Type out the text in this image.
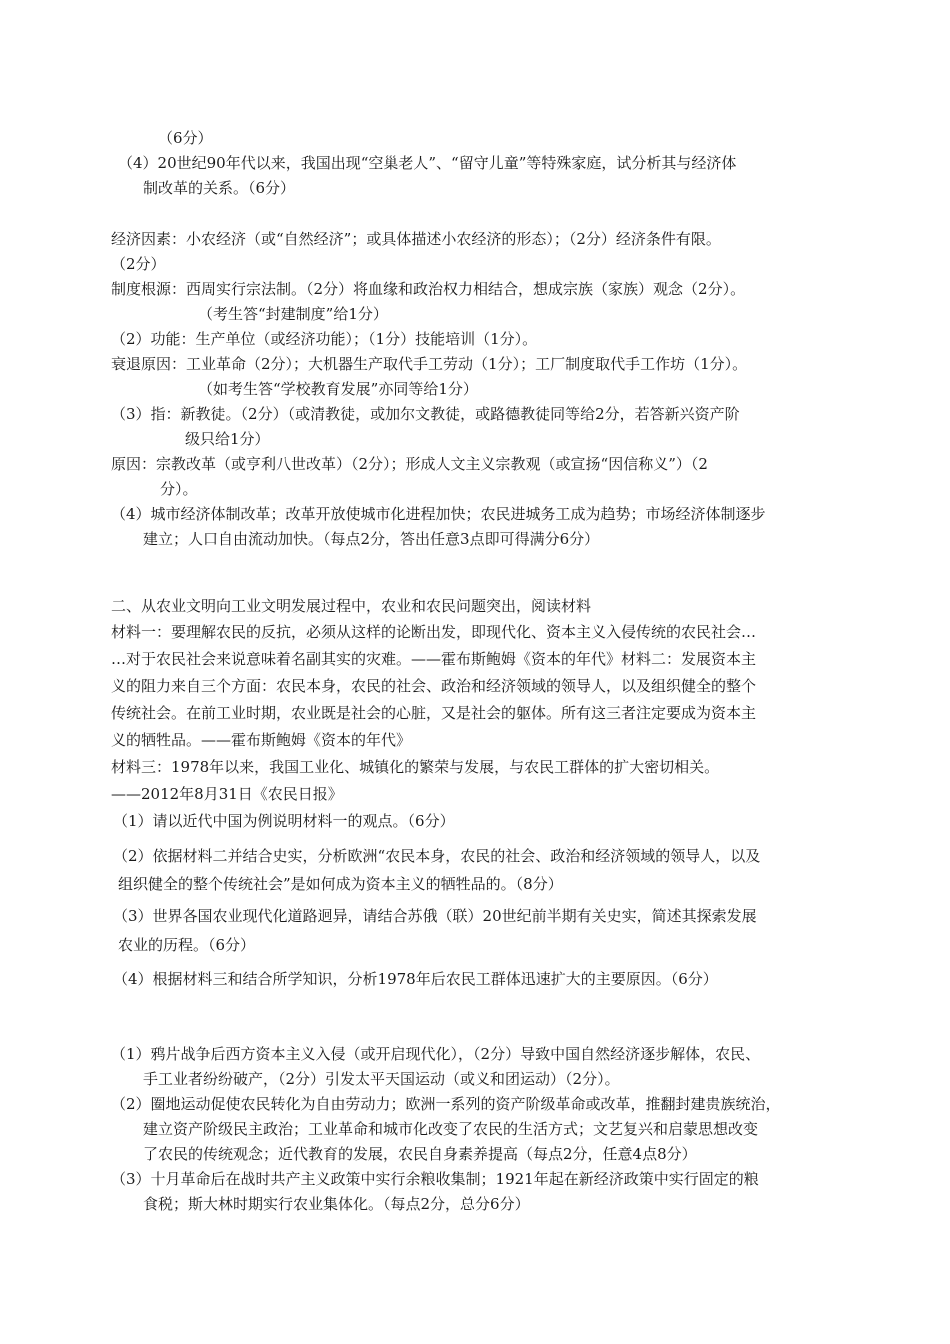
（6分）
（4）20世纪90年代以来，我国出现“空巢老人”、“留守儿童”等特殊家庭，试分析其与经济体
制改革的关系。（6分）
经济因素：小农经济（或“自然经济”；或具体描述小农经济的形态）；（2分）经济条件有限。
（2分）
制度根源：西周实行宗法制。（2分）将血缘和政治权力相结合，想成宗族（家族）观念（2分）。
（考生答“封建制度”给1分）
（2）功能：生产单位（或经济功能）；（1分）技能培训（1分）。
衰退原因：工业革命（2分）；大机器生产取代手工劳动（1分）；工厂制度取代手工作坊（1分）。
（如考生答“学校教育发展”亦同等给1分）
（3）指：新教徒。（2分）（或清教徒，或加尔文教徒，或路德教徒同等给2分，若答新兴资产阶
级只给1分）
原因：宗教改革（或亨利八世改革）（2分）；形成人文主义宗教观（或宣扬“因信称义”）（2
分）。
（4）城市经济体制改革；改革开放使城市化进程加快；农民进城务工成为趋势；市场经济体制逐步
建立；人口自由流动加快。（每点2分，答出任意3点即可得满分6分）
二、从农业文明向工业文明发展过程中，农业和农民问题突出，阅读材料
材料一：要理解农民的反抗，必须从这样的论断出发，即现代化、资本主义入侵传统的农民社会…
…对于农民社会来说意味着名副其实的灾难。——霍布斯鲍姆《资本的年代》材料二：发展资本主
义的阻力来自三个方面：农民本身，农民的社会、政治和经济领域的领导人，以及组织健全的整个
传统社会。在前工业时期，农业既是社会的心脏，又是社会的躯体。所有这三者注定要成为资本主
义的牺牲品。——霍布斯鲍姆《资本的年代》
材料三：1978年以来，我国工业化、城镇化的繁荣与发展，与农民工群体的扩大密切相关。
——2012年8月31日《农民日报》
（1）请以近代中国为例说明材料一的观点。（6分）
（2）依据材料二并结合史实，分析欧洲“农民本身，农民的社会、政治和经济领域的领导人，以及
组织健全的整个传统社会”是如何成为资本主义的牺牲品的。（8分）
（3）世界各国农业现代化道路迥异，请结合苏俄（联）20世纪前半期有关史实，简述其探索发展
农业的历程。（6分）
（4）根据材料三和结合所学知识，分析1978年后农民工群体迅速扩大的主要原因。（6分）
（1）鸦片战争后西方资本主义入侵（或开启现代化），（2分）导致中国自然经济逐步解体，农民、
手工业者纷纷破产，（2分）引发太平天国运动（或义和团运动）（2分）。
（2）圈地运动促使农民转化为自由劳动力；欧洲一系列的资产阶级革命或改革，推翻封建贵族统治，
建立资产阶级民主政治；工业革命和城市化改变了农民的生活方式；文艺复兴和启蒙思想改变
了农民的传统观念；近代教育的发展，农民自身素养提高（每点2分，任意4点8分）
（3）十月革命后在战时共产主义政策中实行余粮收集制；1921年起在新经济政策中实行固定的粮
食税；斯大林时期实行农业集体化。（每点2分，总分6分）
